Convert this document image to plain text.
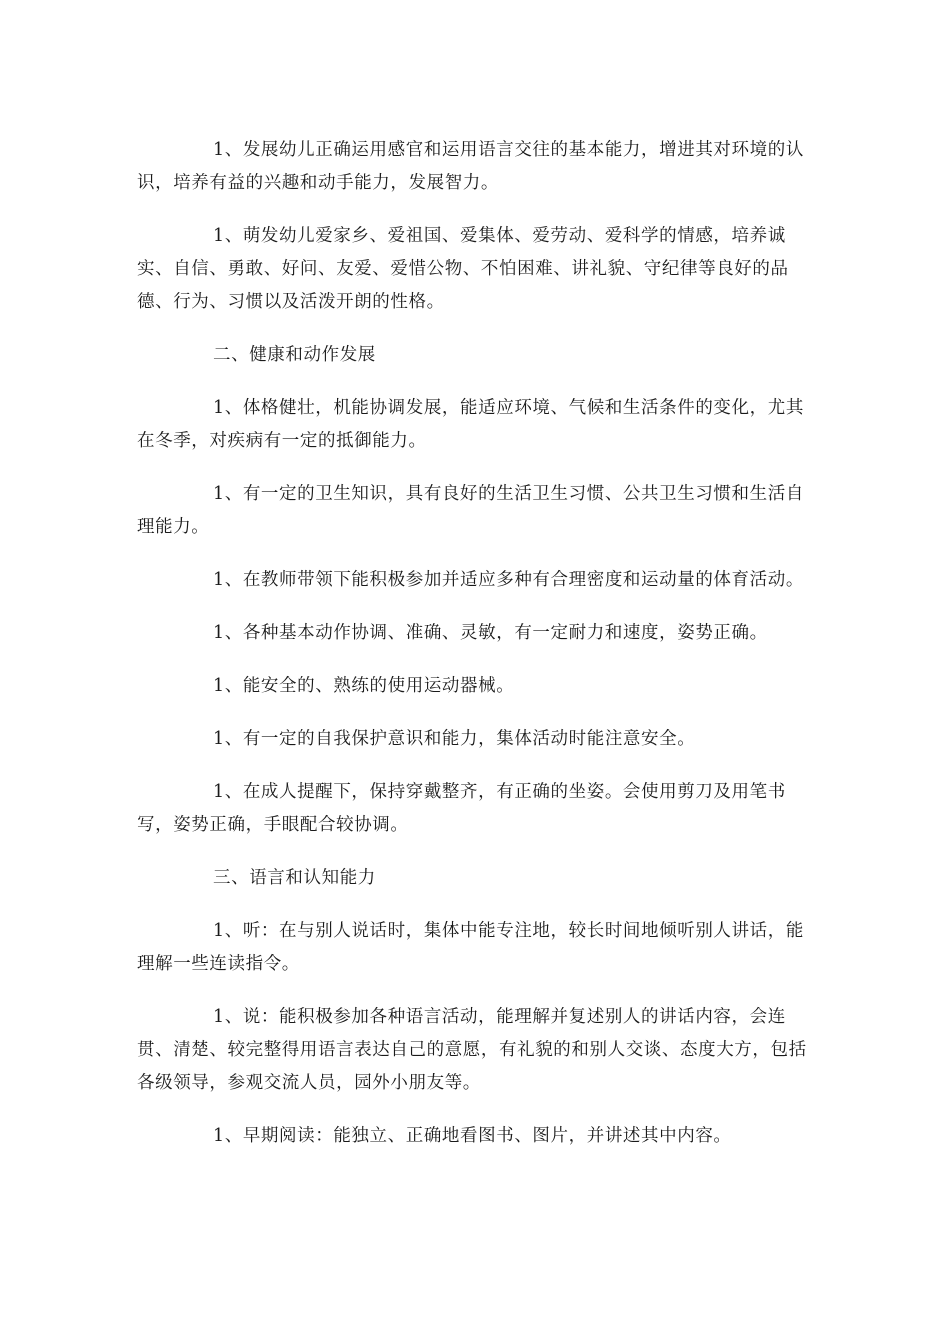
1、发展幼儿正确运用感官和运用语言交往的基本能力，增进其对环境的认识，培养有益的兴趣和动手能力，发展智力。

1、萌发幼儿爱家乡、爱祖国、爱集体、爱劳动、爱科学的情感，培养诚实、自信、勇敢、好问、友爱、爱惜公物、不怕困难、讲礼貌、守纪律等良好的品德、行为、习惯以及活泼开朗的性格。

二、健康和动作发展

1、体格健壮，机能协调发展，能适应环境、气候和生活条件的变化，尤其在冬季，对疾病有一定的抵御能力。

1、有一定的卫生知识，具有良好的生活卫生习惯、公共卫生习惯和生活自理能力。

1、在教师带领下能积极参加并适应多种有合理密度和运动量的体育活动。

1、各种基本动作协调、准确、灵敏，有一定耐力和速度，姿势正确。

1、能安全的、熟练的使用运动器械。

1、有一定的自我保护意识和能力，集体活动时能注意安全。

1、在成人提醒下，保持穿戴整齐，有正确的坐姿。会使用剪刀及用笔书写，姿势正确，手眼配合较协调。

三、语言和认知能力

1、听：在与别人说话时，集体中能专注地，较长时间地倾听别人讲话，能理解一些连读指令。

1、说：能积极参加各种语言活动，能理解并复述别人的讲话内容，会连贯、清楚、较完整得用语言表达自己的意愿，有礼貌的和别人交谈、态度大方，包括各级领导，参观交流人员，园外小朋友等。

1、早期阅读：能独立、正确地看图书、图片，并讲述其中内容。
